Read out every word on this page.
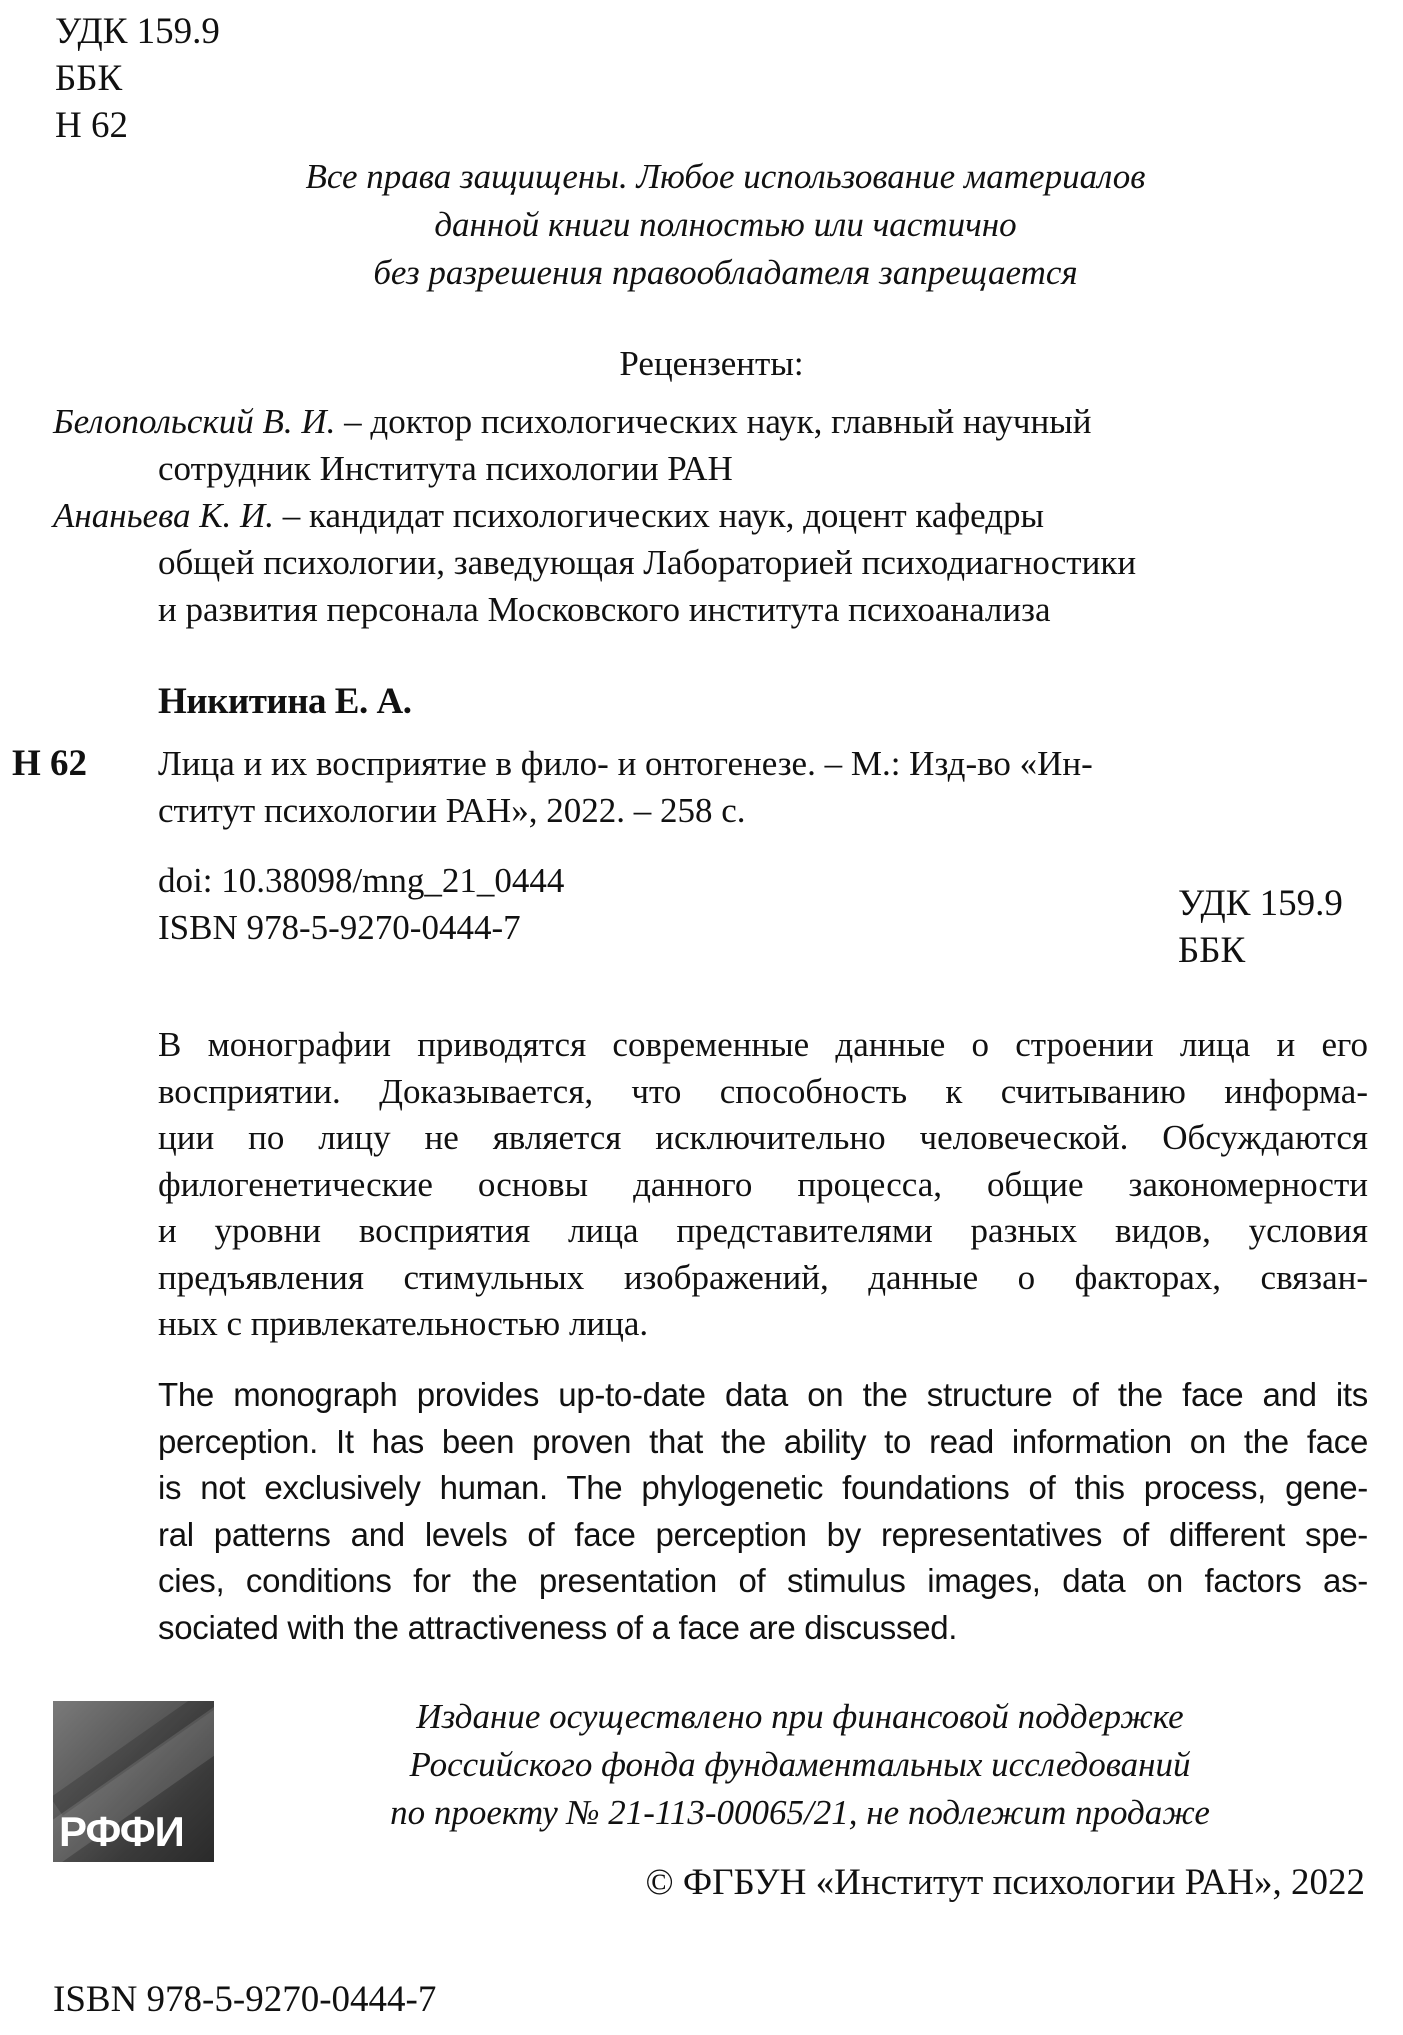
УДК 159.9
ББК
Н 62
Все права защищены. Любое использование материалов
данной книги полностью или частично
без разрешения правообладателя запрещается
Рецензенты:
Белопольский В. И. – доктор психологических наук, главный научный
сотрудник Института психологии РАН
Ананьева К. И. – кандидат психологических наук, доцент кафедры
общей психологии, заведующая Лабораторией психодиагностики
и развития персонала Московского института психоанализа
Никитина Е. А.
Н 62 Лица и их восприятие в фило- и онтогенезе. – М.: Изд-во «Ин-
ститут психологии РАН», 2022. – 258 с.
doi: 10.38098/mng_21_0444
ISBN 978-5-9270-0444-7
УДК 159.9
ББК
В монографии приводятся современные данные о строении лица и его
восприятии. Доказывается, что способность к считыванию информа-
ции по лицу не является исключительно человеческой. Обсуждаются
филогенетические основы данного процесса, общие закономерности
и уровни восприятия лица представителями разных видов, условия
предъявления стимульных изображений, данные о факторах, связан-
ных с привлекательностью лица.
The monograph provides up-to-date data on the structure of the face and its
perception. It has been proven that the ability to read information on the face
is not exclusively human. The phylogenetic foundations of this process, gene-
ral patterns and levels of face perception by representatives of different spe-
cies, conditions for the presentation of stimulus images, data on factors as-
sociated with the attractiveness of a face are discussed.
РФФИ
Издание осуществлено при финансовой поддержке
Российского фонда фундаментальных исследований
по проекту № 21-113-00065/21, не подлежит продаже
© ФГБУН «Институт психологии РАН», 2022
ISBN 978-5-9270-0444-7
